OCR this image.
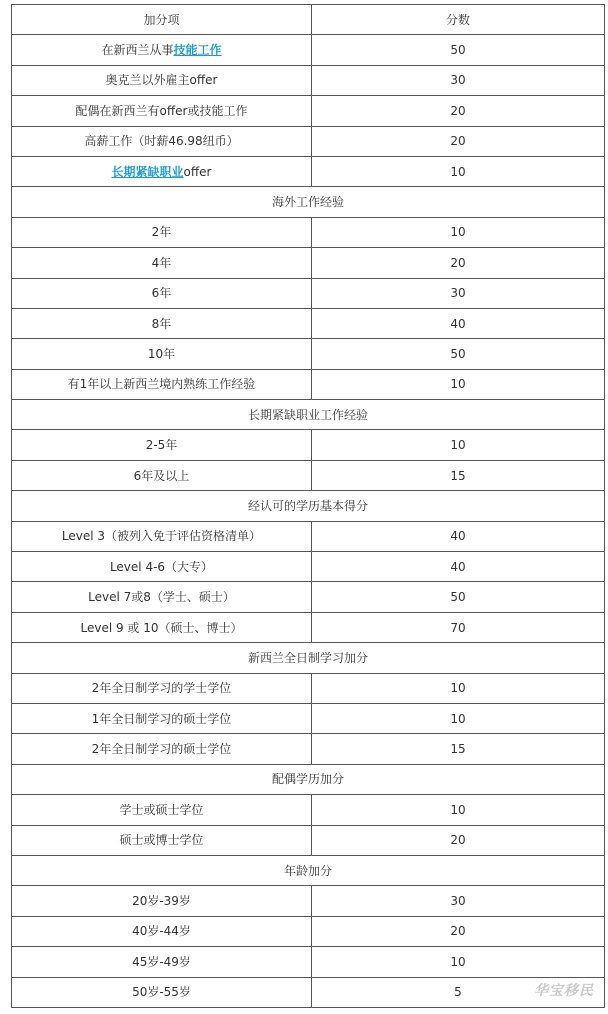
加分项	分数
在新西兰从事技能工作	50
奥克兰以外雇主offer	30
配偶在新西兰有offer或技能工作	20
高薪工作（时薪46.98纽币）	20
长期紧缺职业offer	10
海外工作经验	
2年	10
4年	20
6年	30
8年	40
10年	50
有1年以上新西兰境内熟练工作经验	10
长期紧缺职业工作经验	
2-5年	10
6年及以上	15
经认可的学历基本得分	
Level 3（被列入免于评估资格清单）	40
Level 4-6（大专）	40
Level 7或8（学士、硕士）	50
Level 9 或 10（硕士、博士）	70
新西兰全日制学习加分	
2年全日制学习的学士学位	10
1年全日制学习的硕士学位	10
2年全日制学习的硕士学位	15
配偶学历加分	
学士或硕士学位	10
硕士或博士学位	20
年龄加分	
20岁-39岁	30
40岁-44岁	20
45岁-49岁	10
50岁-55岁	5	华宝移民
